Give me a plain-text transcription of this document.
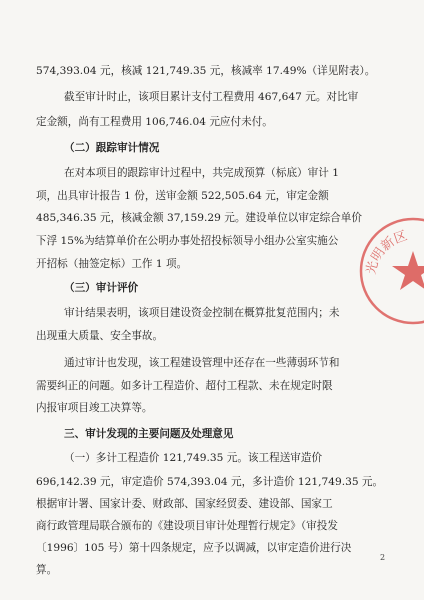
574,393.04 元，核减 121,749.35 元，核减率 17.49%（详见附表）。
截至审计时止，该项目累计支付工程费用 467,647 元。对比审
定金额，尚有工程费用 106,746.04 元应付未付。
（二）跟踪审计情况
在对本项目的跟踪审计过程中，共完成预算（标底）审计 1
项，出具审计报告 1 份，送审金额 522,505.64 元，审定金额
485,346.35 元，核减金额 37,159.29 元。建设单位以审定综合单价
下浮 15%为结算单价在公明办事处招投标领导小组办公室实施公
开招标（抽签定标）工作 1 项。
（三）审计评价
审计结果表明，该项目建设资金控制在概算批复范围内；未
出现重大质量、安全事故。
通过审计也发现，该工程建设管理中还存在一些薄弱环节和
需要纠正的问题。如多计工程造价、超付工程款、未在规定时限
内报审项目竣工决算等。
三、审计发现的主要问题及处理意见
（一）多计工程造价 121,749.35 元。该工程送审造价
696,142.39 元，审定造价 574,393.04 元，多计造价 121,749.35 元。
根据审计署、国家计委、财政部、国家经贸委、建设部、国家工
商行政管理局联合颁布的《建设项目审计处理暂行规定》（审投发
〔1996〕105 号）第十四条规定，应予以调减，以审定造价进行决
算。
2
光明新区
